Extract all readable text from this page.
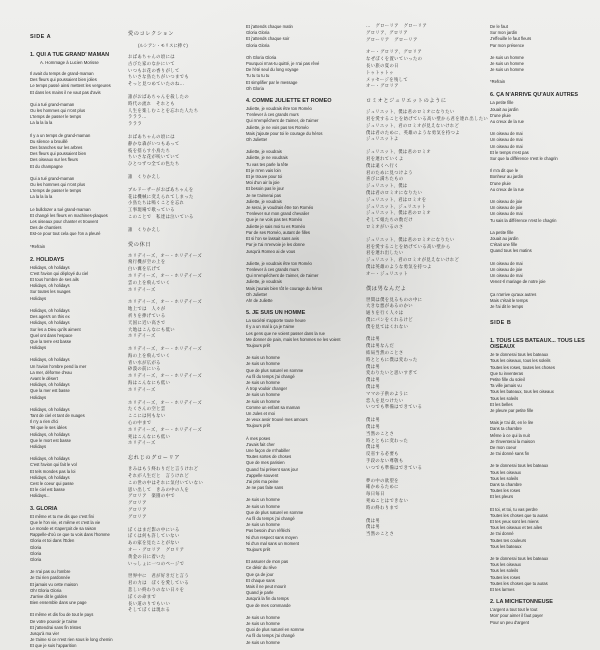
SIDE A
1. QUI A TUE GRAND' MAMAN
A. Hommage à Lucien Morisse
Il avait du temps de grand-maman
Des fleurs qui poussaient bien jolies
Le temps passé ainsi mettent les vergeures
Et dans les mains il ne vaut pas d'avis
Qui a tué grand-maman
Ou les hommes qui n'ont plus
L'temps de passer le temps
La la la la la
Il y a un temps de grand-maman
Du silence a brouillé
Des branches sur les arbres
Des fleurs qui poussaient bien
Des oiseaux sur les fleurs
Et du champagne
Qui a tué grand-maman
Ou les hommes qui n'ont plus
L'temps de passer le temps
La la la la la
Le bulldozer a tué grand-maman
Et changé les fleurs en machines-plaques
Les oiseaux pour chanter et trouvent
Des de chantiers
Est-ce pour tout cela que l'on a pleuré
*Refrain
2. HOLIDAYS
Holidays, oh holidays
C'est l'avion qui déployé du ciel
Et tous l'ombre de ses ails
Holidays, oh holidays
Sur toutes les nuages
Holidays
Holidays, oh holidays
Des ages's on this ex
Holidays, oh holidays
Sur les a Dieu qu'ils aiment
Quel ont dans l'espace
Que la terre est basse
Holidays
Holidays, oh holidays
Un l'avion l'ombre pend la mer
La mer, déforme d'eau
Avant le désert
Holidays, oh holidays
Que la mer est basse
Holidays
Holidays, oh holidays
Tant de ciel et tant de nuages
Il n'y a rien d'ici
Tel que le ses idées
Holidays, oh holidays
Que le mort est basse
Holidays
Holidays, oh holidays
C'est l'avion qui fait le vol
Et tels mondes pas la loi
Holidays, oh holidays
Cest le coeur qui passe
Et le ciel est basse
Holidays...
3. GLORIA
Et même et tu me dis que c'est fini
Que le l'on vie, et même et c'est la vie
Le monde et s'aperçoit de sa raison
Rappelle-d'où ce que tu vois dans l'homme
Gloria et toi dans l'Eden
Gloria
Gloria
Gloria
Je n'ai pas ou l'ombre
Je t'ai rien pardonnée
Et jamais vu cette maison
Oh! Gloria Gloria
J'arrive dit le golden
Bien ensemble dans une page
Et même et dis fou de tout le pays
De votre pouvoir je t'aime
Et j'attendrai sans fin tristes
Jusqu'à ma vie!
Je t'aime si ce n'est rien sous le long chemin
Et que je suis l'apparition
愛のコレクション
(ルシアン・モリスに捧ぐ)
おばあちゃんの頃には
古びた家のなかにいて
いつもお花の香りがして
ちいさな鳥たちがいつまでも
そっと見つめていたのね…
誰がおばあちゃんを殺したの
時代の流れ　それとも
人生を楽しむことを忘れた人たち
ラララ…
ラララ
おばあちゃんの頃には
静かな森がいつもあって
枝を揺らす小鳥たち
ちいさな花が咲いていて
ひとつずつ全ての色たち
誰　くりかえし
ブルドーザーがおばあちゃんを
花は機械に変えられてしまった
小鳥たちは鳴くことを忘れ
工事現場で歌っている
このことで　私達は泣いている
誰　くりかえし
愛の休日
ホリデイーズ、オー・ホリデイーズ
飛行機が空の上を
白い翼を広げて
ホリデイーズ、オー・ホリデイーズ
雲の上を飛んでいく
ホリデイーズ
ホリデイーズ、オー・ホリデイーズ
地上では　人々が
祈りを捧げている
天国に近い高さで
大地はこんなにも低い
ホリデイーズ
ホリデイーズ、オー・ホリデイーズ
海の上を飛んでいく
青い水が広がる
砂漠の前にいる
ホリデイーズ、オー・ホリデイーズ
海はこんなにも低い
ホリデイーズ
ホリデイーズ、オー・ホリデイーズ
たくさんの空と雲
ここには何もない
心の中まで
ホリデイーズ、オー・ホリデイーズ
死はこんなにも低い
ホリデイーズ
忘れじのグローリア
きみはもう終わりだと言うけれど
それが人生だと　言うけれど
この世の中はそれに気付いていない
思い出して　きみの中の人を
グロリア　楽園の中で
グロリア
グロリア
グロリア
ぼくはまだ影の中にいる
ぼくは何も許していない
あの家を見たことがない
オー・グロリア　グロリア
黄金の日に着いた
いっしょに一つのページで
世界中に　君が好きだと言う
君の力は　ぼくを愛している
悲しい終わりのない日々を
ぼくの命まで
長い道のりでもいい
そしてぼくは現れる
Et j'attends chaque matin
Gloria Gloria
Et j'attends chaque soir
Gloria Gloria
Oh Gloria Gloria
Pourquoi m'as-tu quitté, je n'ai pas rêvé
De l'été seul du long voyage
Tu tu tu tu tu
Et simplifier par le message
Oh Gloria
4. COMME JULIETTE ET ROMEO
Juliette, je voudrais être ton Roméo
T'enlever à ces grands murs
Qui m'empêchent de t'aimer, de t'aimer
Juliette, je ne vois pas tes Roméo
Mais j'ajoute pour toi le courage du héros
Oh Juliette!
Juliette, je voudrais
Juliette, je ne voudrais
Tu vas tes parle la tête
Et je m'en vais loin
Et je trouve pour toi
Moi d'un air la joie
Et besoin pas le jour
Je ne t'aimerai pas
Juliette, je voudrais
Je serai, je voudrais être ton Roméo
T'enlever sur mon grand chevalier
Que je ne vois pas tes Roméo
Juliette je sais moi tu es Roméo
Par de ses Roméo, autant de filles
Et si l'on se lassait sans avis
Par je t'ai m'envoie je les donne
Jusqu'à Romeo ai de vous
Juliette, je voudrais être ton Roméo
T'enlever à ces grands murs
Qui m'empêchent de t'aimer, de t'aimer
Juliette, je voudrais
Mais j'aurais bien tôt le courage du héros
Oh Juliette!
Ah! de Juliette
5. JE SUIS UN HOMME
La société s'apporte toute heure
Il y a un mal à ça je t'aime
Les gens que ne voient passer dans la rue
Me donner de pain, mais les hommes ne les voient
Toujours prêt
Je suis un homme
Je suis un homme
Que de plus naturel en somme
Au fil du temps j'ai changé
Je suis un homme
À trop vouloir changer
Je suis un homme
Je suis un homme
Comme un enfant sa maman
Un Jules et moi
Je veux avoir trouvé mes amours
Toujours prêt
À mes poses
J'avais fait cher
Une façon de m'habiller
Toutes sortes de choses
Que de mes parisien
Quand l'ai présent sans jour
J'appelle souvent
J'ai pris ma peine
Je ne pas faite sans
Je suis un homme
Je suis un homme
Que de plus naturel en somme
Au fil du temps j'ai changé
Je suis un homme
Pas besoin d'un réfléchi
Ni d'un respect sans moyen
Ni d'un mal sans un moment
Toujours prêt
Et assurer de mon pas
Ce désir du rêve
Que ça de jour
Et chaque sans
Mais il ne peut mourir
Quand je parle
Jusqu'à la fin du temps
Que de mes commande
Je suis un homme
Je suis un homme
Quoi de plus naturel en somme
Au fil du temps j'ai changé
Je suis un homme
…　グローリア　グローリア
グロリア、グロリア
グローリア　グローリア
オー・グロリア、グロリア
なぜぼくを置いていったの
長い旅の夏の日
トゥトゥトゥ
メッセージを残して
オー・グロリア
ロミオとジュリエットのように
ジュリエット、僕は君のロミオになりたい
君を愛することを妨げている高い壁から君を連れ出したい
ジュリエット、君のロミオが見えないけれど
僕は君のために、英雄のような勇気を持つよ
ジュリエットよ
ジュリエット、僕は君のロミオ
君を連れていくよ
僕は遠くへ行く
君のために見つけよう
喜びに満ちたもの
ジュリエット、僕は
僕は君のロミオになりたい
ジュリエット、君はロミオを
ジュリエット、ジュリエット
ジュリエット、僕は君のロミオ
そして娘たちの数だけ
ロミオがいるのさ
ジュリエット、僕は君のロミオになりたい
君を愛することを妨げている高い壁から
君を連れ出したい
ジュリエット、君のロミオが見えないけれど
僕は英雄のような勇気を持つよ
オー・ジュリエット
僕は男なんだよ
世間は僕を見るものの中に
大きな悪があるのかい
通りを行く人々は
僕にパンをくれるけど
僕を見てはくれない
僕は男
僕は男なんだ
結局当然のことさ
時とともに僕は変わった
僕は男
変わりたいと思いすぎて
僕は男
僕は男
ママの子供のように
恋人を見つけたい
いつでも準備はできている
僕は男
僕は男
当然のことさ
時とともに変わった
僕は男
反省する必要も
手段のない尊敬も
いつでも準備はできている
夢の中の欲望を
確かめるために
毎日毎日
死ぬことはできない
時の終わりまで
僕は男
僕は男
当然のことさ
De le faut
Sur mon jardin
J'effeuille le faut fleurs
Par mon présence
Je suis un homme
Je suis un homme
Je suis un homme
*Refrain
6. ÇA N'ARRIVE QU'AUX AUTRES
La petite fille
Jouait au jardin
D'une pluie
Au creux de la rue
Un oiseau de mai
Un oiseau de mai
Un oiseau de mai
Et le temps n'est pas
Sur que la différence n'est le chagrin
Il m'a dit que le
Bonheur au jardin
D'une pluie
Au creux de la rue
Un oiseau de joie
Un oiseau de joie
Un oiseau de mai
Tu sais la différence n'est le chagrin
La petite fille
Jouait au jardin
C'était une fille
Quand tous les matins
Un oiseau de mai
Un oiseau de joie
Un oiseau de mai
Venez-Il mariage de notre joie
Ça n'arrive qu'aux autres
Mais c'était le temps
Je l'ai dit le temps
SIDE B
1. TOUS LES BATEAUX... TOUS LES OISEAUX
Je te donnerai tous les bateaux
Tous les oiseaux, tous les soleils
Toutes les roses, toutes les choses
Que tu inventeras
Petite fille du soleil
Ta ville jamais vu
Tous les bateaux, tous les oiseaux
Tous les soleils
Et les belles
Je pleure par petite fille
Mais je t'ai dit, en le lire
Dans ta chambre
Même à ce qui la nuit
Je t'inventerai la maison
De mon coeur
Je t'ai donné sans fin
Je te donnerai tous les bateaux
Tous les oiseaux
Tous les soleils
Dans ta chambre
Toutes les roses
Et les pleurs
Et toi, et toi, tu vas perdre
Toutes les choses que tu auras
Et tes yeux sont les miens
Tous les oiseaux et tes ailes
Je t'ai donné
Toutes tes couleurs
Tous les bateaux
Je te donnerai tous les bateaux
Tous les oiseaux
Tous les soleils
Toutes les roses
Toutes les choses que tu auras
Et tes larmes
2. LA MICHETONNEUSE
L'argent a tout tout le tout
Mon' pour aimer il faut payer
Pour un peu d'argent
